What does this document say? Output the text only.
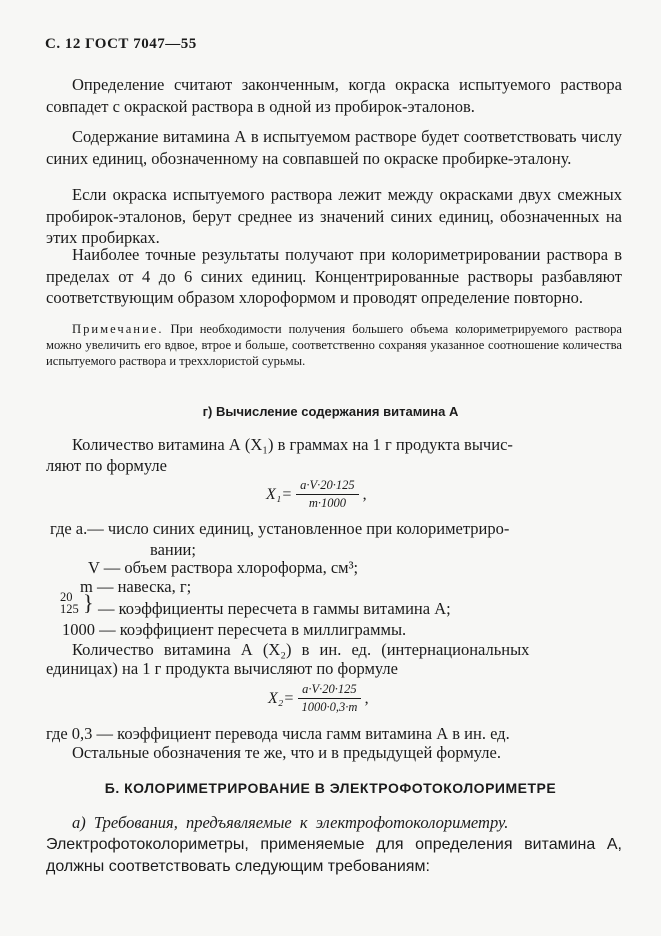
С. 12 ГОСТ 7047—55
Определение считают законченным, когда окраска испытуемого раствора совпадет с окраской раствора в одной из пробирок-эталонов.
Содержание витамина А в испытуемом растворе будет соответствовать числу синих единиц, обозначенному на совпавшей по окраске пробирке-эталону.
Если окраска испытуемого раствора лежит между окрасками двух смежных пробирок-эталонов, берут среднее из значений синих единиц, обозначенных на этих пробирках.
Наиболее точные результаты получают при колориметрировании раствора в пределах от 4 до 6 синих единиц. Концентрированные растворы разбавляют соответствующим образом хлороформом и проводят определение повторно.
Примечание. При необходимости получения большего объема колориметрируемого раствора можно увеличить его вдвое, втрое и больше, соответственно сохраняя указанное соотношение количества испытуемого раствора и треххлористой сурьмы.
г) Вычисление содержания витамина А
Количество витамина А (X₁) в граммах на 1 г продукта вычис-
ляют по формуле
$X_1= \frac{a\cdot V\cdot 20\cdot 125}{m\cdot 1000}$ ,
где a.— число синих единиц, установленное при колориметриро-
вании;
V — объем раствора хлороформа, см³;
m — навеска, г;
20
125 } — коэффициенты пересчета в гаммы витамина А;
1000 — коэффициент пересчета в миллиграммы.
Количество витамина А (X₂) в ин. ед. (интернациональных
единицах) на 1 г продукта вычисляют по формуле
$X_2= \frac{a\cdot V\cdot 20\cdot 125}{1000\cdot 0,3\cdot m}$ ,
где 0,3 — коэффициент перевода числа гамм витамина А в ин. ед.
Остальные обозначения те же, что и в предыдущей формуле.
Б. КОЛОРИМЕТРИРОВАНИЕ В ЭЛЕКТРОФОТОКОЛОРИМЕТРЕ
а) Требования, предъявляемые к электрофотоколориметру.
Электрофотоколориметры, применяемые для определения витамина А, должны соответствовать следующим требованиям:
